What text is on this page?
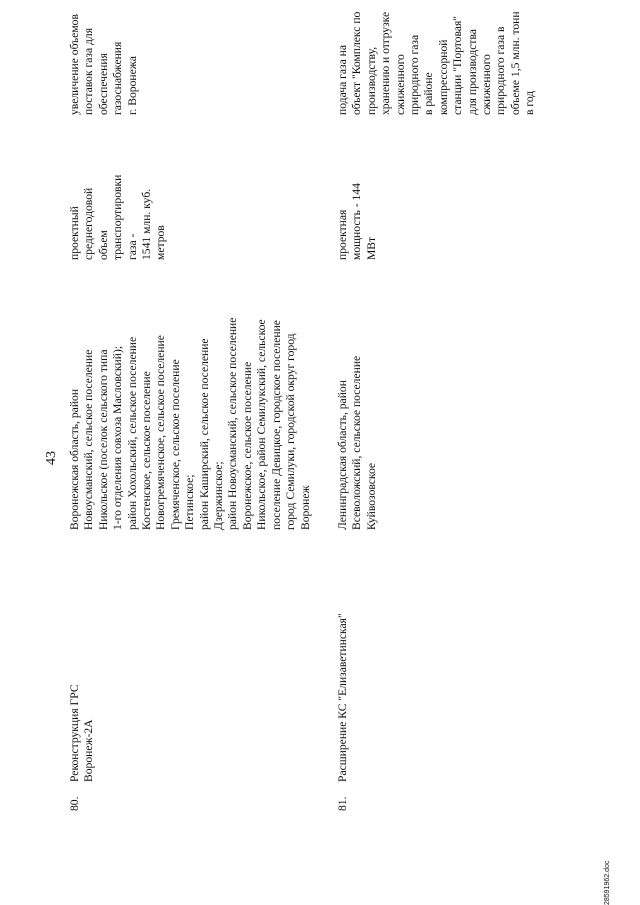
43
80.
Реконструкция ГРС
Воронеж-2А
Воронежская область, район
Новоусманский, сельское поселение
Никольское (поселок сельского типа
1-го отделения совхоза Масловский);
район Хохольский, сельское поселение
Костенское, сельское поселение
Новогремяченское, сельское поселение
Гремяченское, сельское поселение
Петинское;
район Каширский, сельское поселение
Дзержинское;
район Новоусманский, сельское поселение
Воронежское, сельское поселение
Никольское, район Семилукский, сельское
поселение Девицкое, городское поселение
город Семилуки, городской округ город
Воронеж
проектный
среднегодовой
объем
транспортировки
газа -
1541 млн. куб.
метров
увеличение объемов
поставок газа для
обеспечения
газоснабжения
г. Воронежа
81.
Расширение КС "Елизаветинская"
Ленинградская область, район
Всеволожский, сельское поселение
Куйвозовское
проектная
мощность - 144
МВт
подача газа на
объект "Комплекс по
производству,
хранению и отгрузке
сжиженного
природного газа
в районе
компрессорной
станции "Портовая"
для производства
сжиженного
природного газа в
объеме 1,5 млн. тонн
в год
28591962.doc
